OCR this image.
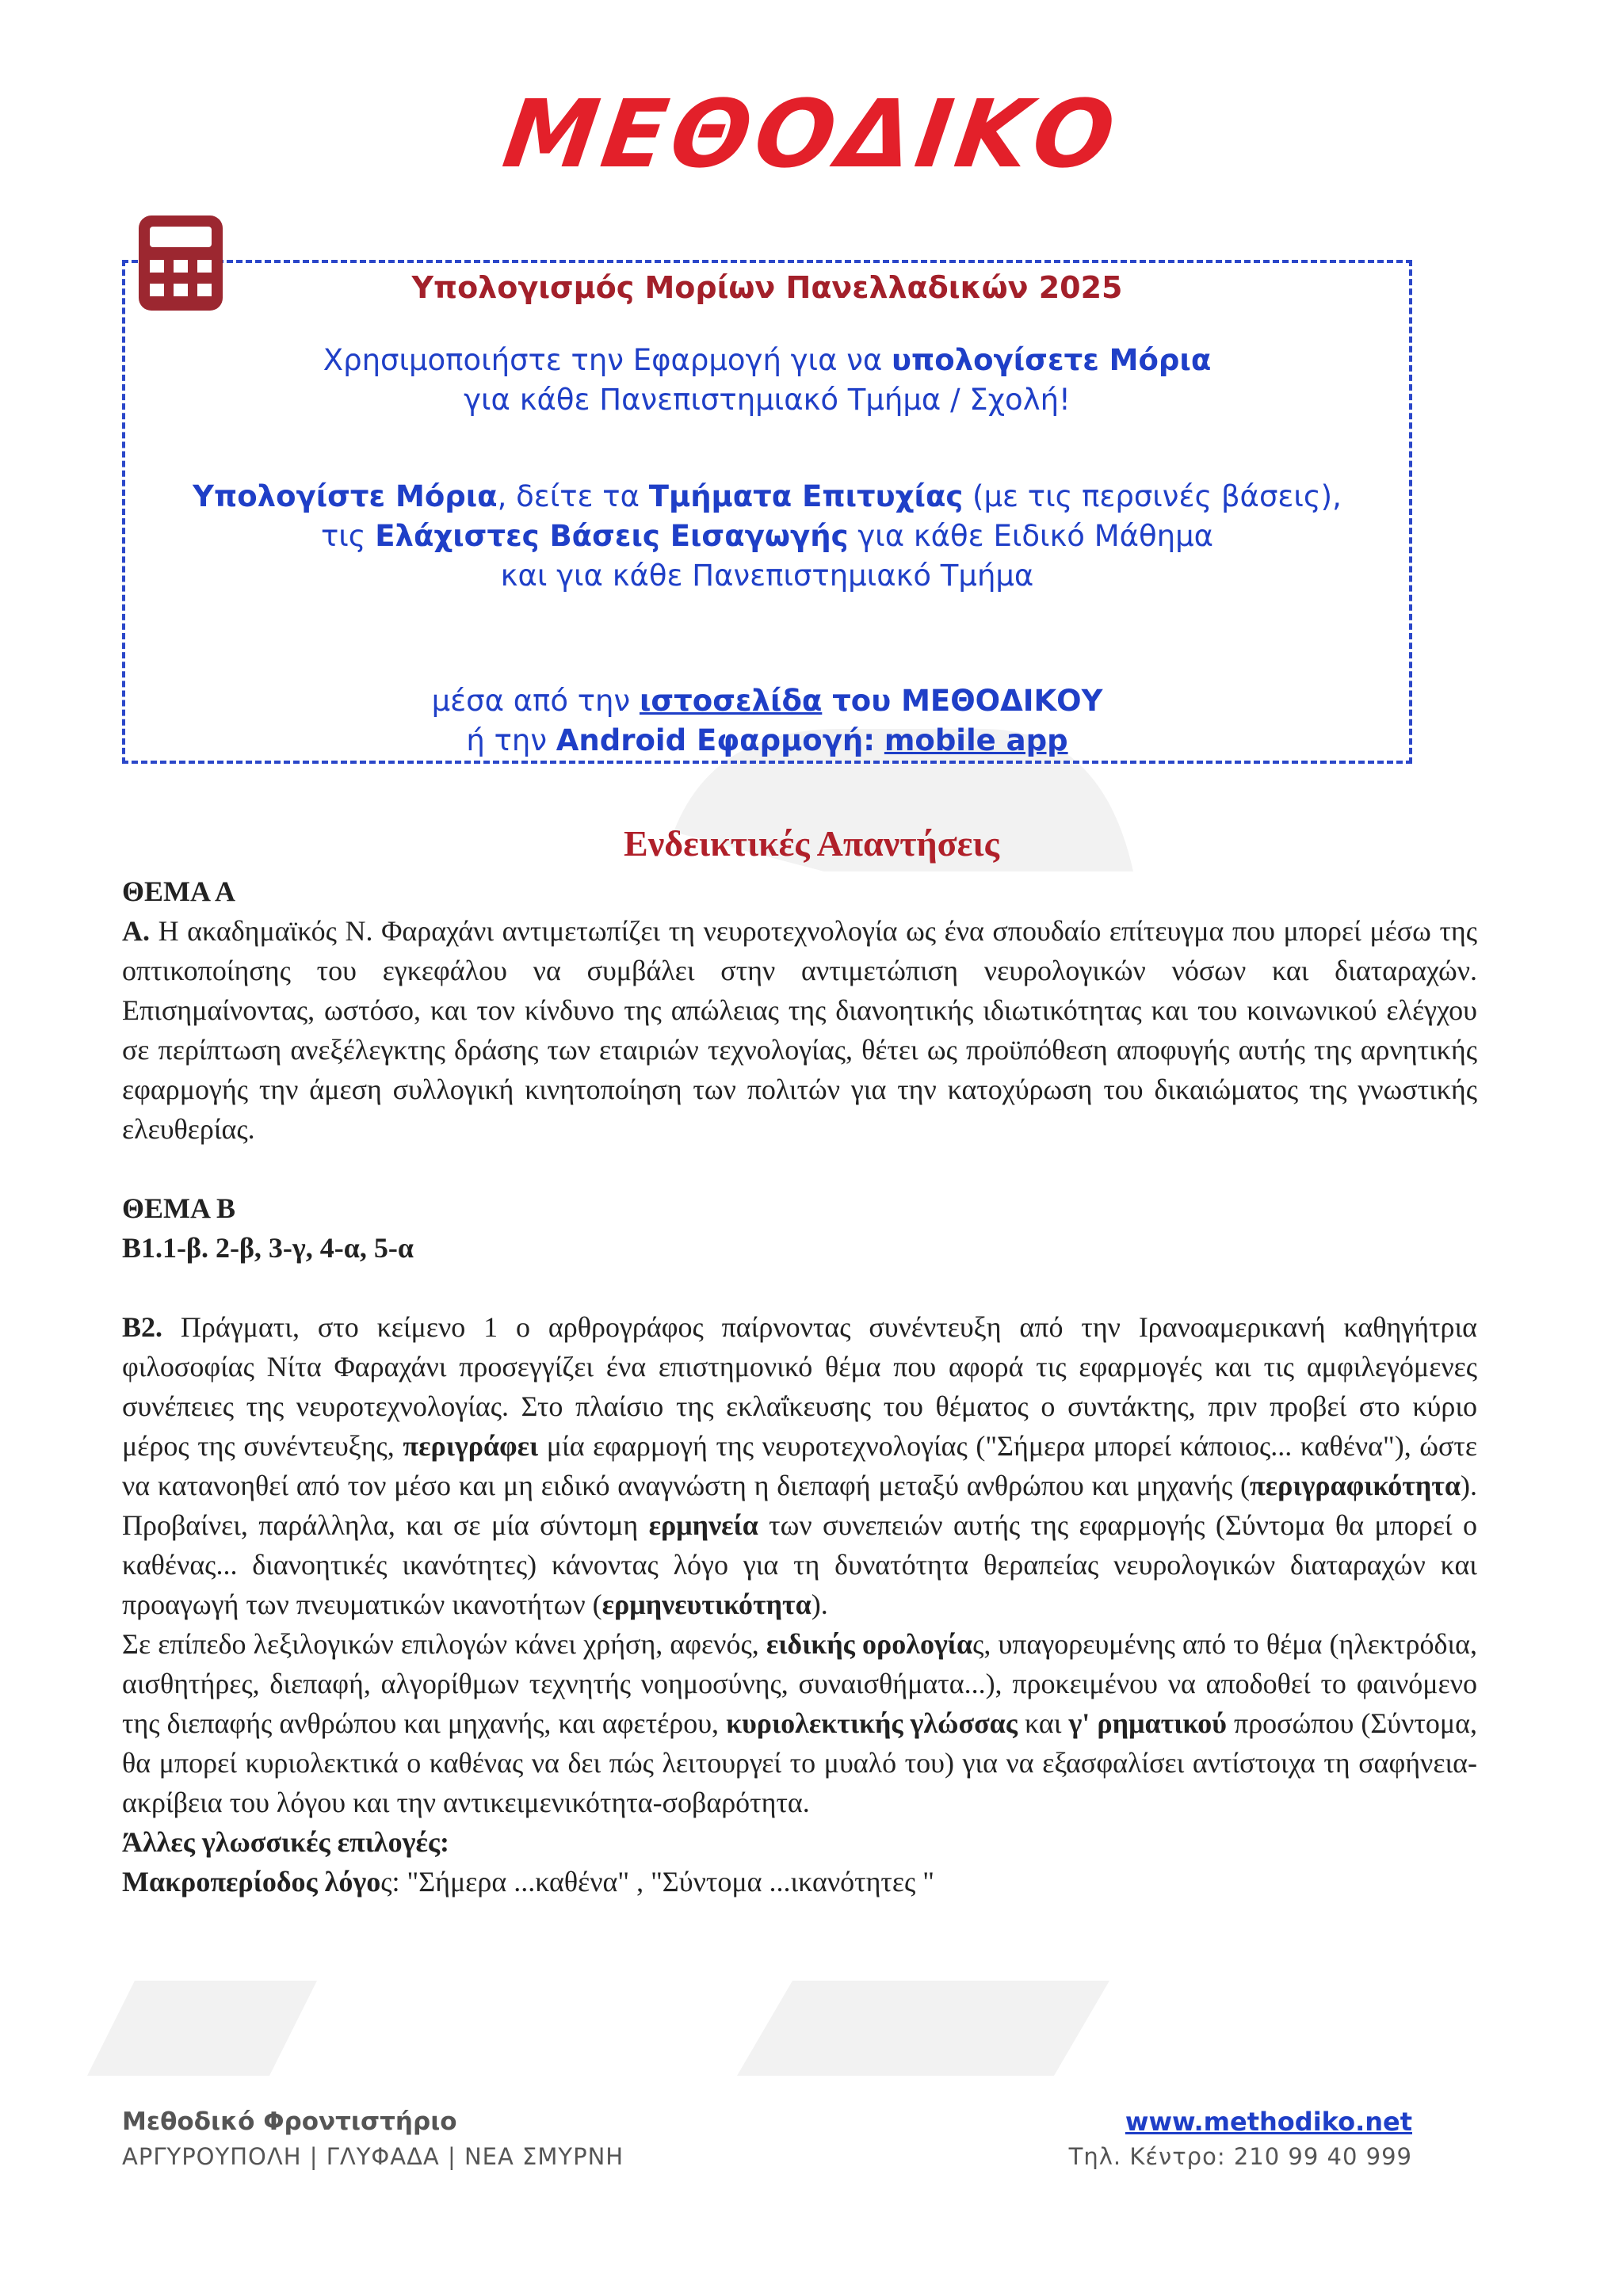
ΜΕΘΟΔΙΚΟ
Υπολογισμός Μορίων Πανελλαδικών 2025
Χρησιμοποιήστε την Εφαρμογή για να υπολογίσετε Μόρια
για κάθε Πανεπιστημιακό Τμήμα / Σχολή!
Υπολογίστε Μόρια, δείτε τα Τμήματα Επιτυχίας (με τις περσινές βάσεις),
τις Ελάχιστες Βάσεις Εισαγωγής για κάθε Ειδικό Μάθημα
και για κάθε Πανεπιστημιακό Τμήμα
μέσα από την ιστοσελίδα του ΜΕΘΟΔΙΚΟΥ
ή την Android Εφαρμογή: mobile app
Ενδεικτικές Απαντήσεις

ΘΕΜΑ Α

Α. Η ακαδημαϊκός Ν. Φαραχάνι αντιμετωπίζει τη νευροτεχνολογία ως ένα σπουδαίο επίτευγμα που μπορεί μέσω της οπτικοποίησης του εγκεφάλου να συμβάλει στην αντιμετώπιση νευρολογικών νόσων και διαταραχών. Επισημαίνοντας, ωστόσο, και τον κίνδυνο της απώλειας της διανοητικής ιδιωτικότητας και του κοινωνικού ελέγχου σε περίπτωση ανεξέλεγκτης δράσης των εταιριών τεχνολογίας, θέτει ως προϋπόθεση αποφυγής αυτής της αρνητικής εφαρμογής την άμεση συλλογική κινητοποίηση των πολιτών για την κατοχύρωση του δικαιώματος της γνωστικής ελευθερίας.

ΘΕΜΑ Β

Β1.1-β. 2-β, 3-γ, 4-α, 5-α

Β2. Πράγματι, στο κείμενο 1 ο αρθρογράφος παίρνοντας συνέντευξη από την Ιρανοαμερικανή καθηγήτρια φιλοσοφίας Νίτα Φαραχάνι προσεγγίζει ένα επιστημονικό θέμα που αφορά τις εφαρμογές και τις αμφιλεγόμενες συνέπειες της νευροτεχνολογίας. Στο πλαίσιο της εκλαΐκευσης του θέματος ο συντάκτης, πριν προβεί στο κύριο μέρος της συνέντευξης, περιγράφει μία εφαρμογή της νευροτεχνολογίας ("Σήμερα μπορεί κάποιος... καθένα"), ώστε να κατανοηθεί από τον μέσο και μη ειδικό αναγνώστη η διεπαφή μεταξύ ανθρώπου και μηχανής (περιγραφικότητα). Προβαίνει, παράλληλα, και σε μία σύντομη ερμηνεία των συνεπειών αυτής της εφαρμογής (Σύντομα θα μπορεί ο καθένας... διανοητικές ικανότητες) κάνοντας λόγο για τη δυνατότητα θεραπείας νευρολογικών διαταραχών και προαγωγή των πνευματικών ικανοτήτων (ερμηνευτικότητα).

Σε επίπεδο λεξιλογικών επιλογών κάνει χρήση, αφενός, ειδικής ορολογίας, υπαγορευμένης από το θέμα (ηλεκτρόδια, αισθητήρες, διεπαφή, αλγορίθμων τεχνητής νοημοσύνης, συναισθήματα...), προκειμένου να αποδοθεί το φαινόμενο της διεπαφής ανθρώπου και μηχανής, και αφετέρου, κυριολεκτικής γλώσσας και γ' ρηματικού προσώπου (Σύντομα, θα μπορεί κυριολεκτικά ο καθένας να δει πώς λειτουργεί το μυαλό του) για να εξασφαλίσει αντίστοιχα τη σαφήνεια-ακρίβεια του λόγου και την αντικειμενικότητα-σοβαρότητα.

Άλλες γλωσσικές επιλογές:

Μακροπερίοδος λόγος: "Σήμερα ...καθένα" , "Σύντομα ...ικανότητες "

Μεθοδικό Φροντιστήριο
ΑΡΓΥΡΟΥΠΟΛΗ | ΓΛΥΦΑΔΑ | ΝΕΑ ΣΜΥΡΝΗ
www.methodiko.net
Τηλ. Κέντρο: 210 99 40 999
